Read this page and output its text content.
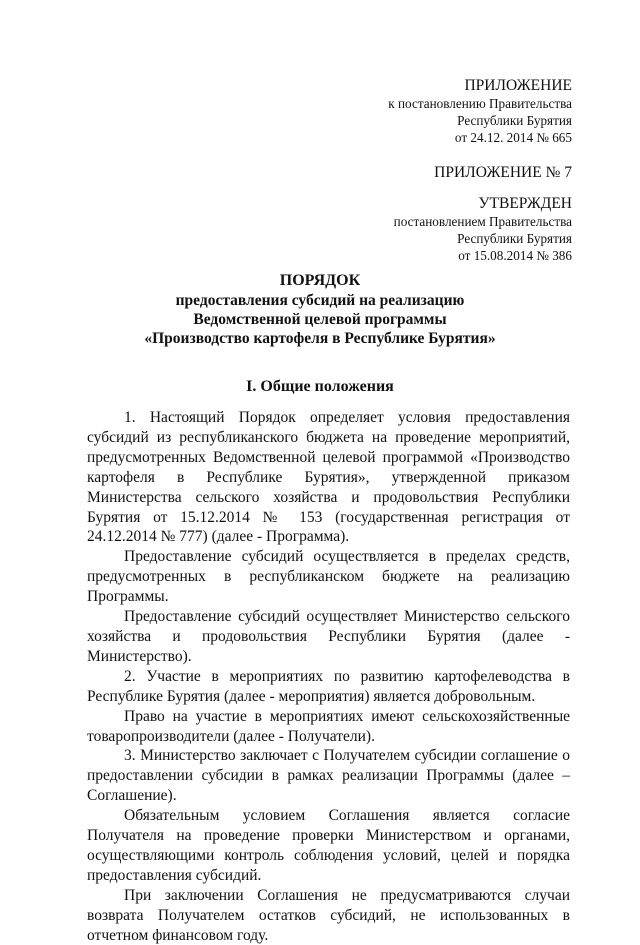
ПРИЛОЖЕНИЕ
к постановлению Правительства
Республики Бурятия
от 24.12. 2014 № 665
ПРИЛОЖЕНИЕ № 7
УТВЕРЖДЕН
постановлением Правительства
Республики Бурятия
от 15.08.2014 № 386
ПОРЯДОК
предоставления субсидий на реализацию
Ведомственной целевой программы
«Производство картофеля в Республике Бурятия»
I. Общие положения

1. Настоящий Порядок определяет условия предоставления субсидий из республиканского бюджета на проведение мероприятий, предусмотренных Ведомственной целевой программой «Производство картофеля в Республике Бурятия», утвержденной приказом Министерства сельского хозяйства и продовольствия Республики Бурятия от 15.12.2014 № 153 (государственная регистрация от 24.12.2014 № 777) (далее - Программа).

Предоставление субсидий осуществляется в пределах средств, предусмотренных в республиканском бюджете на реализацию Программы.

Предоставление субсидий осуществляет Министерство сельского хозяйства и продовольствия Республики Бурятия (далее - Министерство).

2. Участие в мероприятиях по развитию картофелеводства в Республике Бурятия (далее - мероприятия) является добровольным.

Право на участие в мероприятиях имеют сельскохозяйственные товаропроизводители (далее - Получатели).

3. Министерство заключает с Получателем субсидии соглашение о предоставлении субсидии в рамках реализации Программы (далее – Соглашение).

Обязательным условием Соглашения является согласие Получателя на проведение проверки Министерством и органами, осуществляющими контроль соблюдения условий, целей и порядка предоставления субсидий.

При заключении Соглашения не предусматриваются случаи возврата Получателем остатков субсидий, не использованных в отчетном финансовом году.
